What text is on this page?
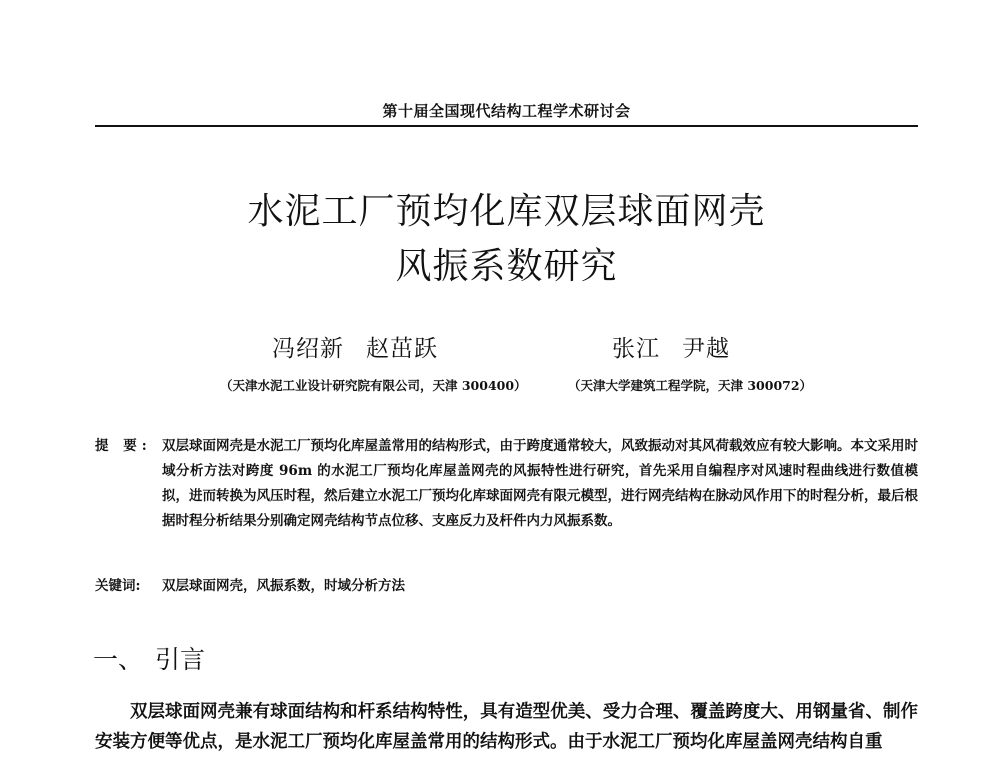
第十届全国现代结构工程学术研讨会
水泥工厂预均化库双层球面网壳
风振系数研究
冯绍新 赵茁跃	张江 尹越
（天津水泥工业设计研究院有限公司，天津 300400）	（天津大学建筑工程学院，天津 300072）
提 要: 双层球面网壳是水泥工厂预均化库屋盖常用的结构形式，由于跨度通常较大，风致振动对其风荷载效应有较大影响。本文采用时域分析方法对跨度 96m 的水泥工厂预均化库屋盖网壳的风振特性进行研究，首先采用自编程序对风速时程曲线进行数值模拟，进而转换为风压时程，然后建立水泥工厂预均化库球面网壳有限元模型，进行网壳结构在脉动风作用下的时程分析，最后根据时程分析结果分别确定网壳结构节点位移、支座反力及杆件内力风振系数。
关键词: 双层球面网壳，风振系数，时域分析方法
一、 引言
双层球面网壳兼有球面结构和杆系结构特性，具有造型优美、受力合理、覆盖跨度大、用钢量省、制作安装方便等优点，是水泥工厂预均化库屋盖常用的结构形式。由于水泥工厂预均化库屋盖网壳结构自重
